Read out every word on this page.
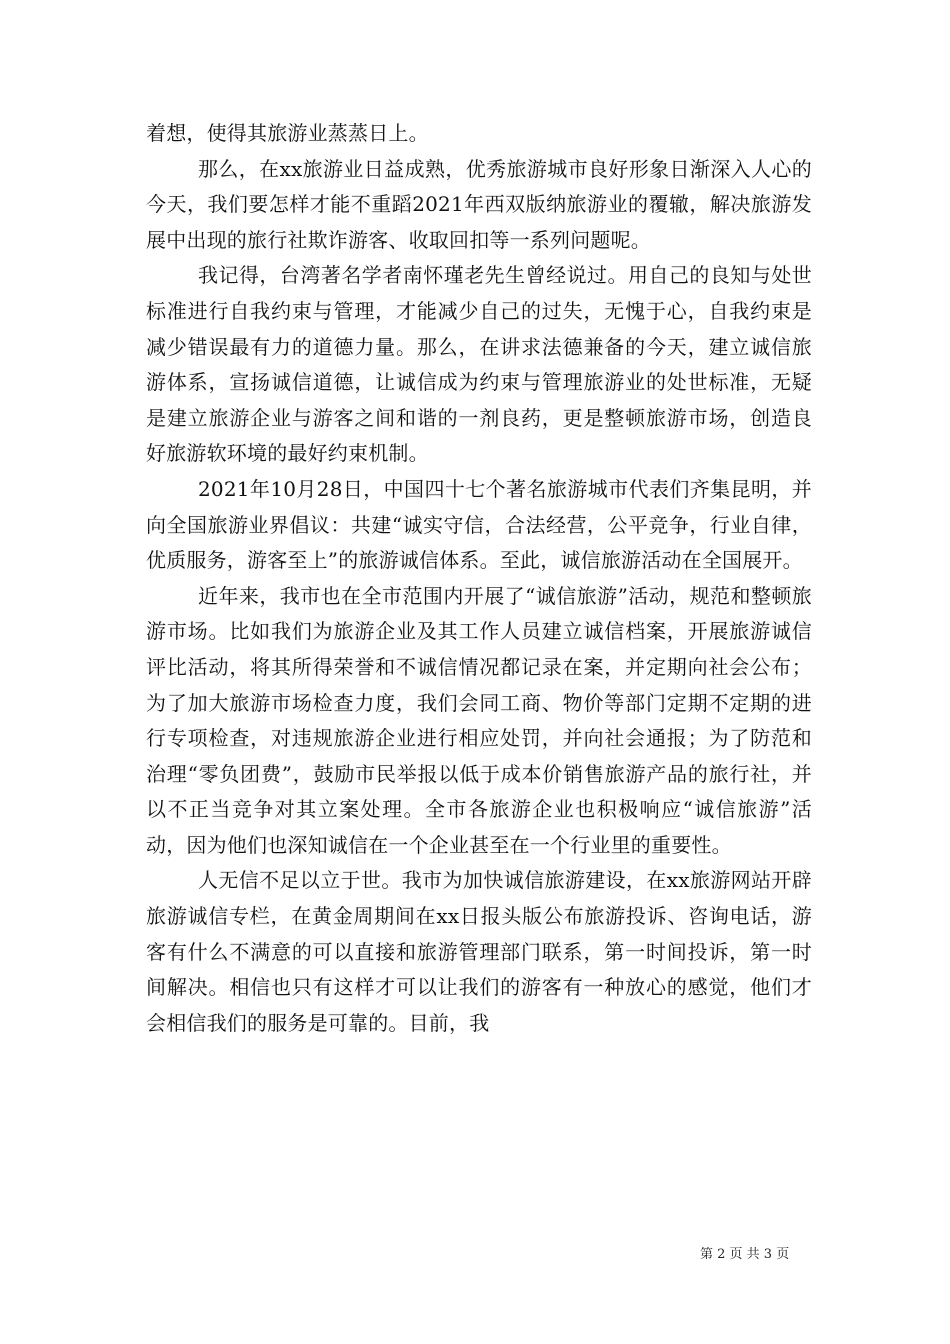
着想，使得其旅游业蒸蒸日上。

那么，在xx旅游业日益成熟，优秀旅游城市良好形象日渐深入人心的今天，我们要怎样才能不重蹈2021年西双版纳旅游业的覆辙，解决旅游发展中出现的旅行社欺诈游客、收取回扣等一系列问题呢。

我记得，台湾著名学者南怀瑾老先生曾经说过。用自己的良知与处世标准进行自我约束与管理，才能减少自己的过失，无愧于心，自我约束是减少错误最有力的道德力量。那么，在讲求法德兼备的今天，建立诚信旅游体系，宣扬诚信道德，让诚信成为约束与管理旅游业的处世标准，无疑是建立旅游企业与游客之间和谐的一剂良药，更是整顿旅游市场，创造良好旅游软环境的最好约束机制。

2021年10月28日，中国四十七个著名旅游城市代表们齐集昆明，并向全国旅游业界倡议：共建“诚实守信，合法经营，公平竞争，行业自律，优质服务，游客至上”的旅游诚信体系。至此，诚信旅游活动在全国展开。

近年来，我市也在全市范围内开展了“诚信旅游”活动，规范和整顿旅游市场。比如我们为旅游企业及其工作人员建立诚信档案，开展旅游诚信评比活动，将其所得荣誉和不诚信情况都记录在案，并定期向社会公布；为了加大旅游市场检查力度，我们会同工商、物价等部门定期不定期的进行专项检查，对违规旅游企业进行相应处罚，并向社会通报；为了防范和治理“零负团费”，鼓励市民举报以低于成本价销售旅游产品的旅行社，并以不正当竞争对其立案处理。全市各旅游企业也积极响应“诚信旅游”活动，因为他们也深知诚信在一个企业甚至在一个行业里的重要性。

人无信不足以立于世。我市为加快诚信旅游建设，在xx旅游网站开辟旅游诚信专栏，在黄金周期间在xx日报头版公布旅游投诉、咨询电话，游客有什么不满意的可以直接和旅游管理部门联系，第一时间投诉，第一时间解决。相信也只有这样才可以让我们的游客有一种放心的感觉，他们才会相信我们的服务是可靠的。目前，我

第 2 页 共 3 页
